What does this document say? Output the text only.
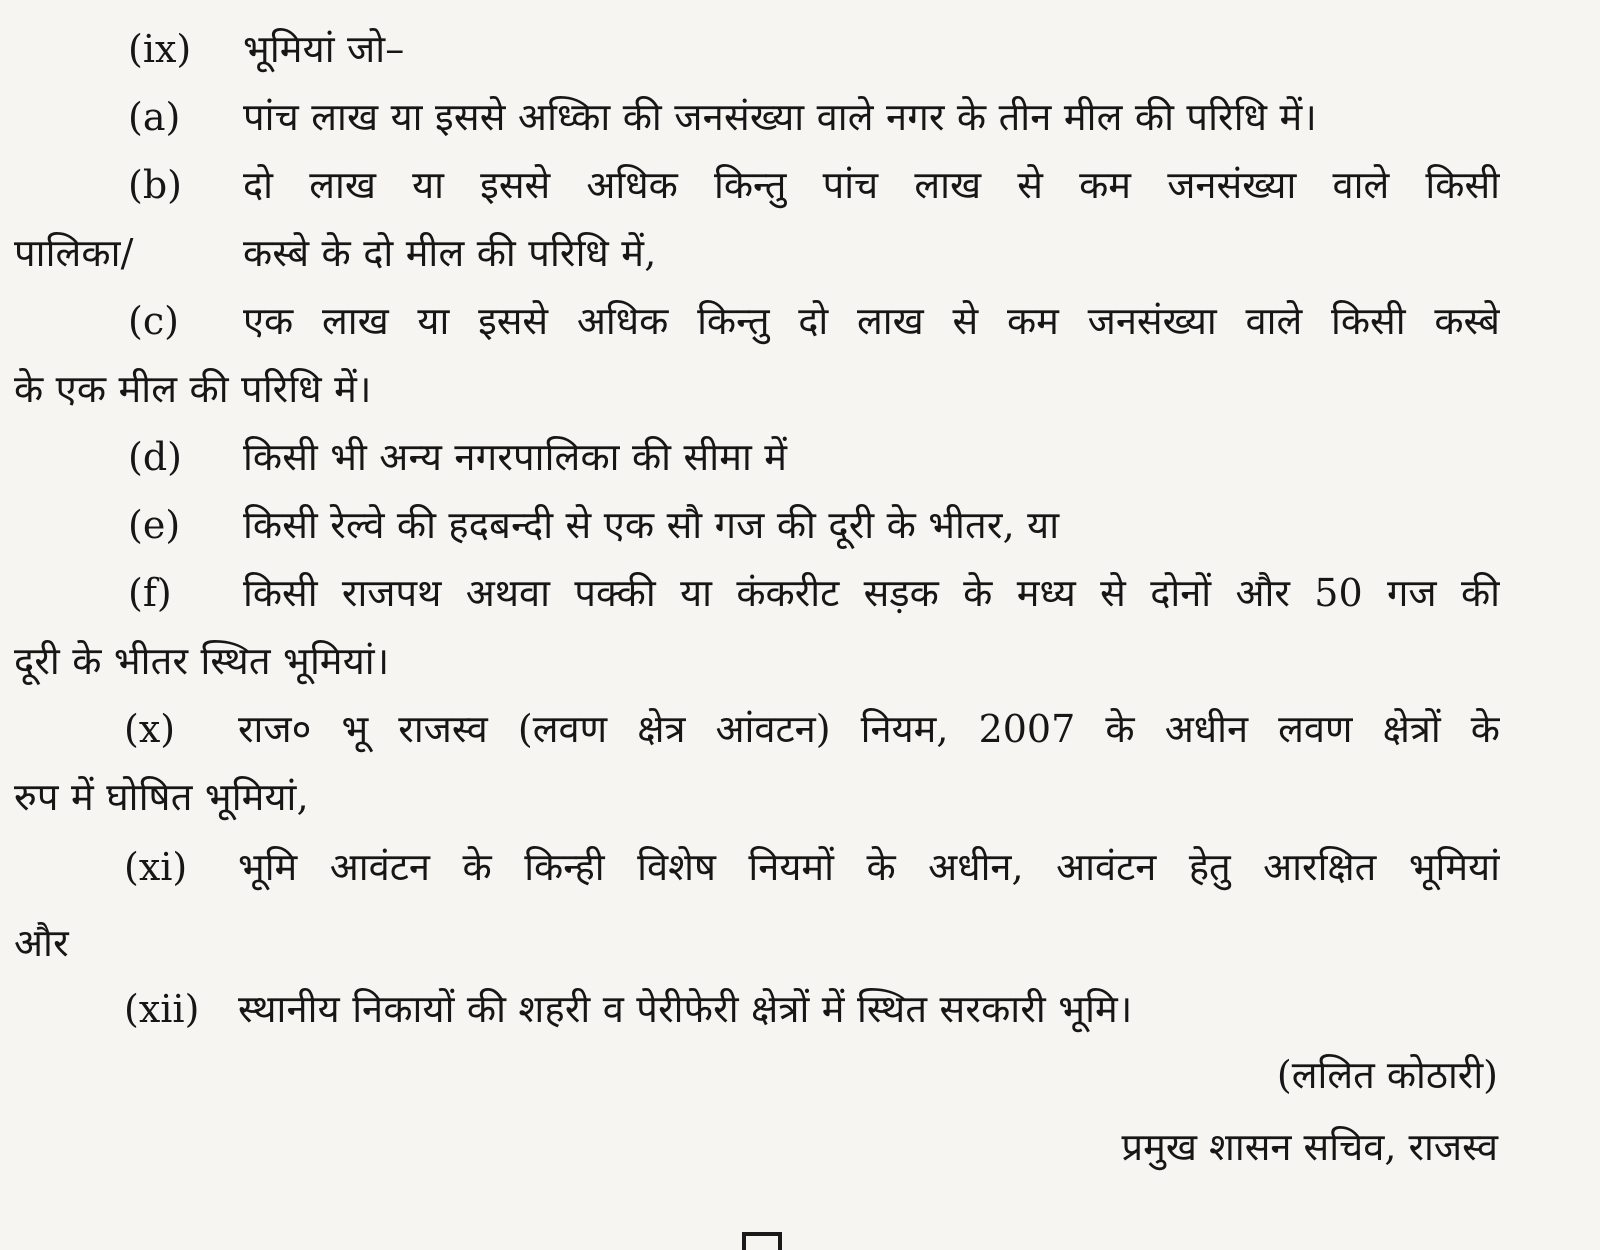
(ix) भूमियां जो–
(a) पांच लाख या इससे अध्किा की जनसंख्या वाले नगर के तीन मील की परिधि में।
(b) दो लाख या इससे अधिक किन्तु पांच लाख से कम जनसंख्या वाले किसी
पालिका/	कस्बे के दो मील की परिधि में,
(c) एक लाख या इससे अधिक किन्तु दो लाख से कम जनसंख्या वाले किसी कस्बे
के एक मील की परिधि में।
(d) किसी भी अन्य नगरपालिका की सीमा में
(e) किसी रेल्वे की हदबन्दी से एक सौ गज की दूरी के भीतर, या
(f) किसी राजपथ अथवा पक्की या कंकरीट सड़क के मध्य से दोनों और 50 गज की
दूरी के भीतर स्थित भूमियां।
(x) राज० भू राजस्व (लवण क्षेत्र आंवटन) नियम, 2007 के अधीन लवण क्षेत्रों के
रुप में घोषित भूमियां,
(xi) भूमि आवंटन के किन्ही विशेष नियमों के अधीन, आवंटन हेतु आरक्षित भूमियां
और
(xii) स्थानीय निकायों की शहरी व पेरीफेरी क्षेत्रों में स्थित सरकारी भूमि।
(ललित कोठारी)
प्रमुख शासन सचिव, राजस्व
